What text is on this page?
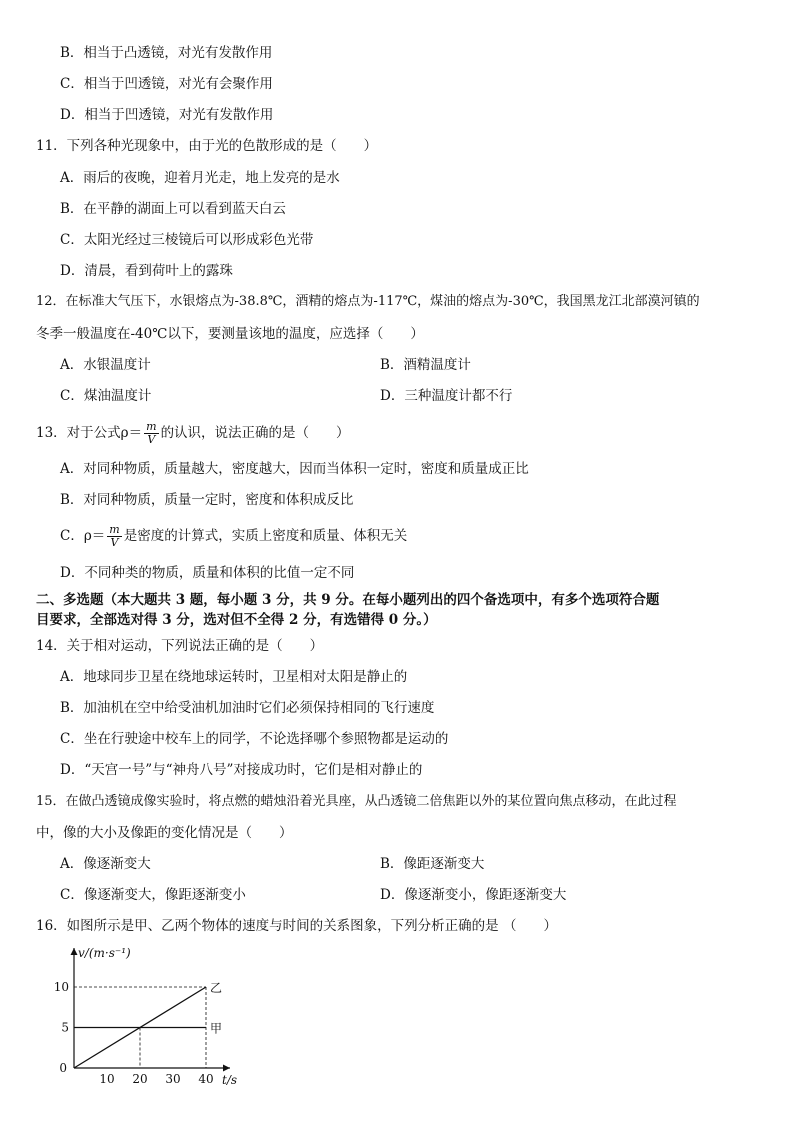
B．相当于凸透镜，对光有发散作用
C．相当于凹透镜，对光有会聚作用
D．相当于凹透镜，对光有发散作用
11．下列各种光现象中，由于光的色散形成的是（　　）
A．雨后的夜晚，迎着月光走，地上发亮的是水
B．在平静的湖面上可以看到蓝天白云
C．太阳光经过三棱镜后可以形成彩色光带
D．清晨，看到荷叶上的露珠
12．在标准大气压下，水银熔点为-38.8℃，酒精的熔点为-117℃，煤油的熔点为-30℃，我国黑龙江北部漠河镇的
冬季一般温度在-40℃以下，要测量该地的温度，应选择（　　）
A．水银温度计	B．酒精温度计
C．煤油温度计	D．三种温度计都不行
13．对于公式$\rho= \frac{m}{V}$ 的认识，说法正确的是（　　）
A．对同种物质，质量越大，密度越大，因而当体积一定时，密度和质量成正比
B．对同种物质，质量一定时，密度和体积成反比
C．$\rho= \frac{m}{V}$ 是密度的计算式，实质上密度和质量、体积无关
D．不同种类的物质，质量和体积的比值一定不同
二、多选题（本大题共 3 题，每小题 3 分，共 9 分。在每小题列出的四个备选项中，有多个选项符合题
目要求，全部选对得 3 分，选对但不全得 2 分，有选错得 0 分。）
14．关于相对运动，下列说法正确的是（　　）
A．地球同步卫星在绕地球运转时，卫星相对太阳是静止的
B．加油机在空中给受油机加油时它们必须保持相同的飞行速度
C．坐在行驶途中校车上的同学，不论选择哪个参照物都是运动的
D．“天宫一号”与“神舟八号”对接成功时，它们是相对静止的
15．在做凸透镜成像实验时，将点燃的蜡烛沿着光具座，从凸透镜二倍焦距以外的某位置向焦点移动，在此过程
中，像的大小及像距的变化情况是（　　）
A．像逐渐变大	B．像距逐渐变大
C．像逐渐变大，像距逐渐变小	D．像逐渐变小，像距逐渐变大
16．如图所示是甲、乙两个物体的速度与时间的关系图象，下列分析正确的是 （　　）
乙
甲
10 20 30 40
5
10
0
v/(m·s⁻¹)
t/s
